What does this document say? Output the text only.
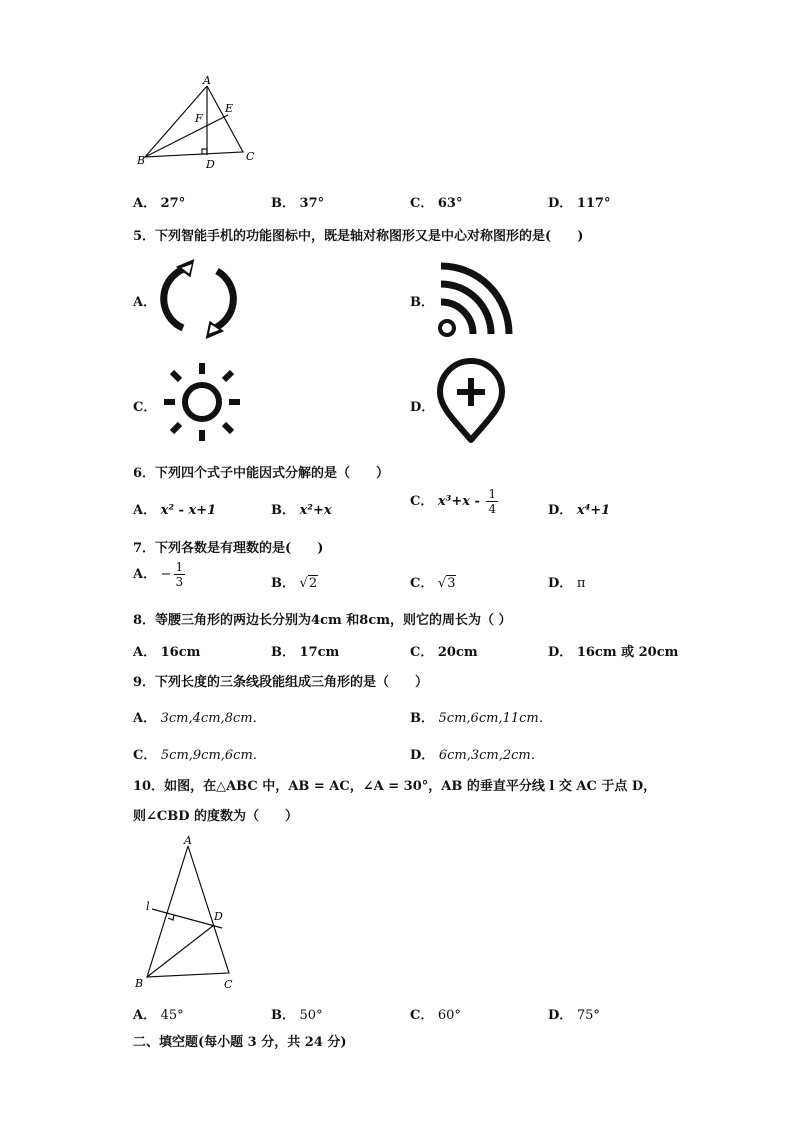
A
B	C
D
E
F
A． 27°	B． 37°	C． 63°	D． 117°
5．下列智能手机的功能图标中，既是轴对称图形又是中心对称图形的是(　　)
A．	B．
C．	D．
6．下列四个式子中能因式分解的是（　　）
A． x² - x+1	B． x²+x
C． $x^3+x - \frac{1}{4}$	D． x⁴+1
7．下列各数是有理数的是(　　)
A． − $\frac{1}{3}$	B． √2	C． √3	D． π
8．等腰三角形的两边长分别为4cm 和8cm，则它的周长为（ ）
A． 16cm	B． 17cm	C． 20cm	D． 16cm 或 20cm
9．下列长度的三条线段能组成三角形的是（　　）
A． 3cm,4cm,8cm．	B． 5cm,6cm,11cm．
C． 5cm,9cm,6cm．	D． 6cm,3cm,2cm．
10．如图，在△ABC 中，AB = AC，∠A = 30°，AB 的垂直平分线 l 交 AC 于点 D，
则∠CBD 的度数为（　　）
A
B	C
D
l
A． 45°	B． 50°	C． 60°	D． 75°
二、填空题(每小题 3 分，共 24 分)
